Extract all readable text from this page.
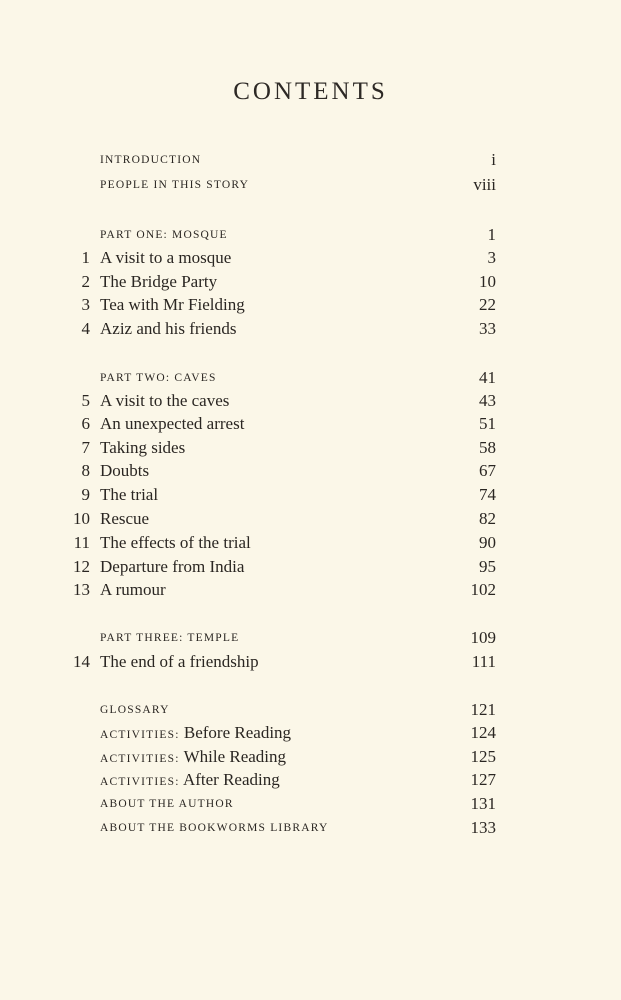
CONTENTS
INTRODUCTION	i
PEOPLE IN THIS STORY	viii
PART ONE: MOSQUE	1
1 A visit to a mosque	3
2 The Bridge Party	10
3 Tea with Mr Fielding	22
4 Aziz and his friends	33
PART TWO: CAVES	41
5 A visit to the caves	43
6 An unexpected arrest	51
7 Taking sides	58
8 Doubts	67
9 The trial	74
10 Rescue	82
11 The effects of the trial	90
12 Departure from India	95
13 A rumour	102
PART THREE: TEMPLE	109
14 The end of a friendship	111
GLOSSARY	121
ACTIVITIES: Before Reading	124
ACTIVITIES: While Reading	125
ACTIVITIES: After Reading	127
ABOUT THE AUTHOR	131
ABOUT THE BOOKWORMS LIBRARY	133
